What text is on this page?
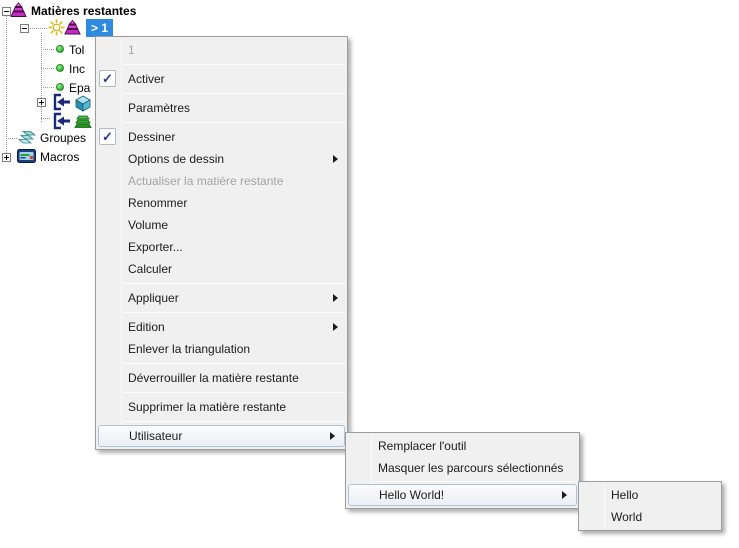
Matières restantes
> 1
Tol
Inc
Epa
Groupes
Macros
1
✓
Activer
Paramètres
✓
Dessiner
Options de dessin
Actualiser la matière restante
Renommer
Volume
Exporter...
Calculer
Appliquer
Edition
Enlever la triangulation
Déverrouiller la matière restante
Supprimer la matière restante
Utilisateur
Remplacer l'outil
Masquer les parcours sélectionnés
Hello World!	Hello
World
